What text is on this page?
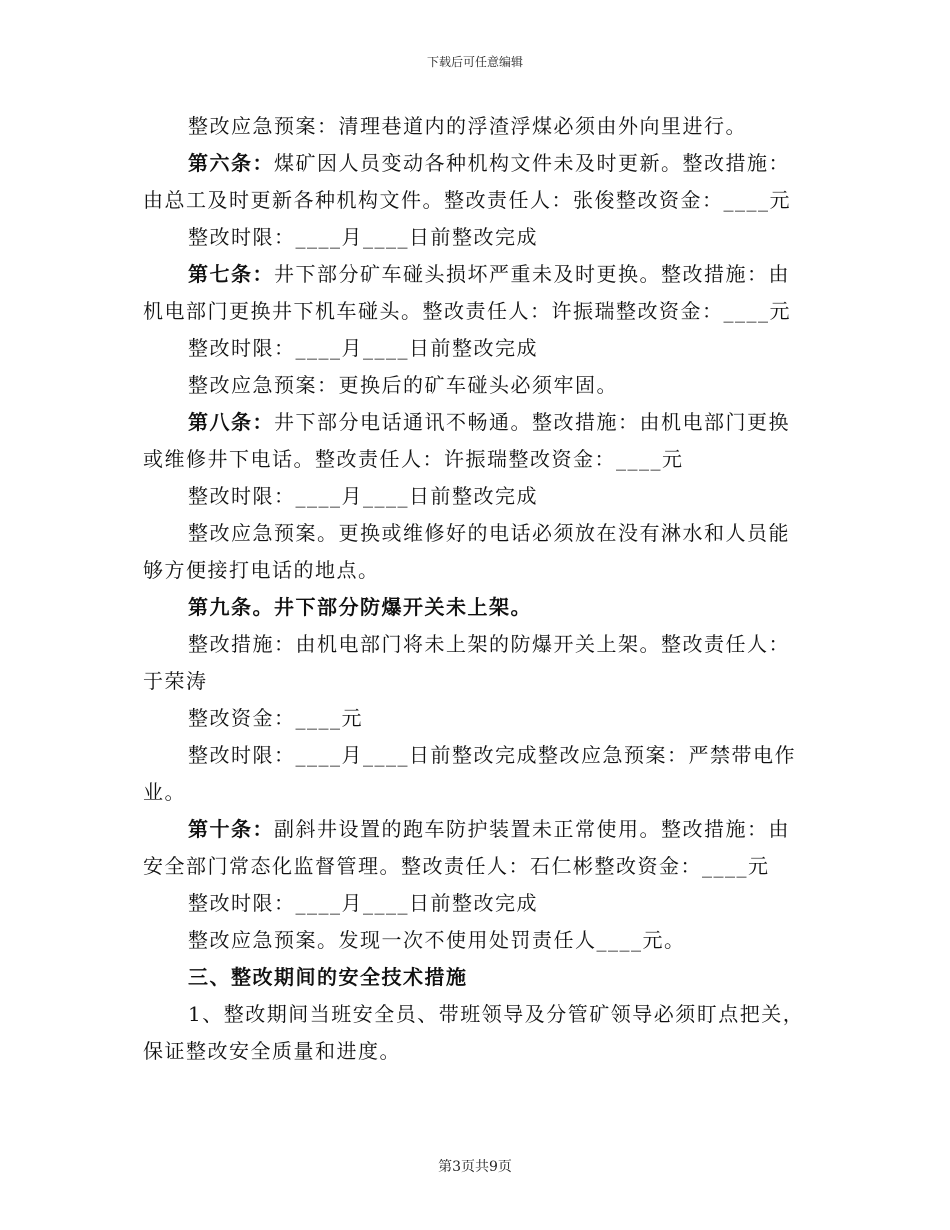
下载后可任意编辑
整改应急预案：清理巷道内的浮渣浮煤必须由外向里进行。
第六条：煤矿因人员变动各种机构文件未及时更新。整改措施：
由总工及时更新各种机构文件。整改责任人：张俊整改资金：____元
整改时限：____月____日前整改完成
第七条：井下部分矿车碰头损坏严重未及时更换。整改措施：由
机电部门更换井下机车碰头。整改责任人：许振瑞整改资金：____元
整改时限：____月____日前整改完成
整改应急预案：更换后的矿车碰头必须牢固。
第八条：井下部分电话通讯不畅通。整改措施：由机电部门更换
或维修井下电话。整改责任人：许振瑞整改资金：____元
整改时限：____月____日前整改完成
整改应急预案。更换或维修好的电话必须放在没有淋水和人员能
够方便接打电话的地点。
第九条。井下部分防爆开关未上架。
整改措施：由机电部门将未上架的防爆开关上架。整改责任人：
于荣涛
整改资金：____元
整改时限：____月____日前整改完成整改应急预案：严禁带电作
业。
第十条：副斜井设置的跑车防护装置未正常使用。整改措施：由
安全部门常态化监督管理。整改责任人：石仁彬整改资金：____元
整改时限：____月____日前整改完成
整改应急预案。发现一次不使用处罚责任人____元。
三、整改期间的安全技术措施
1、整改期间当班安全员、带班领导及分管矿领导必须盯点把关，
保证整改安全质量和进度。
第3页共9页
